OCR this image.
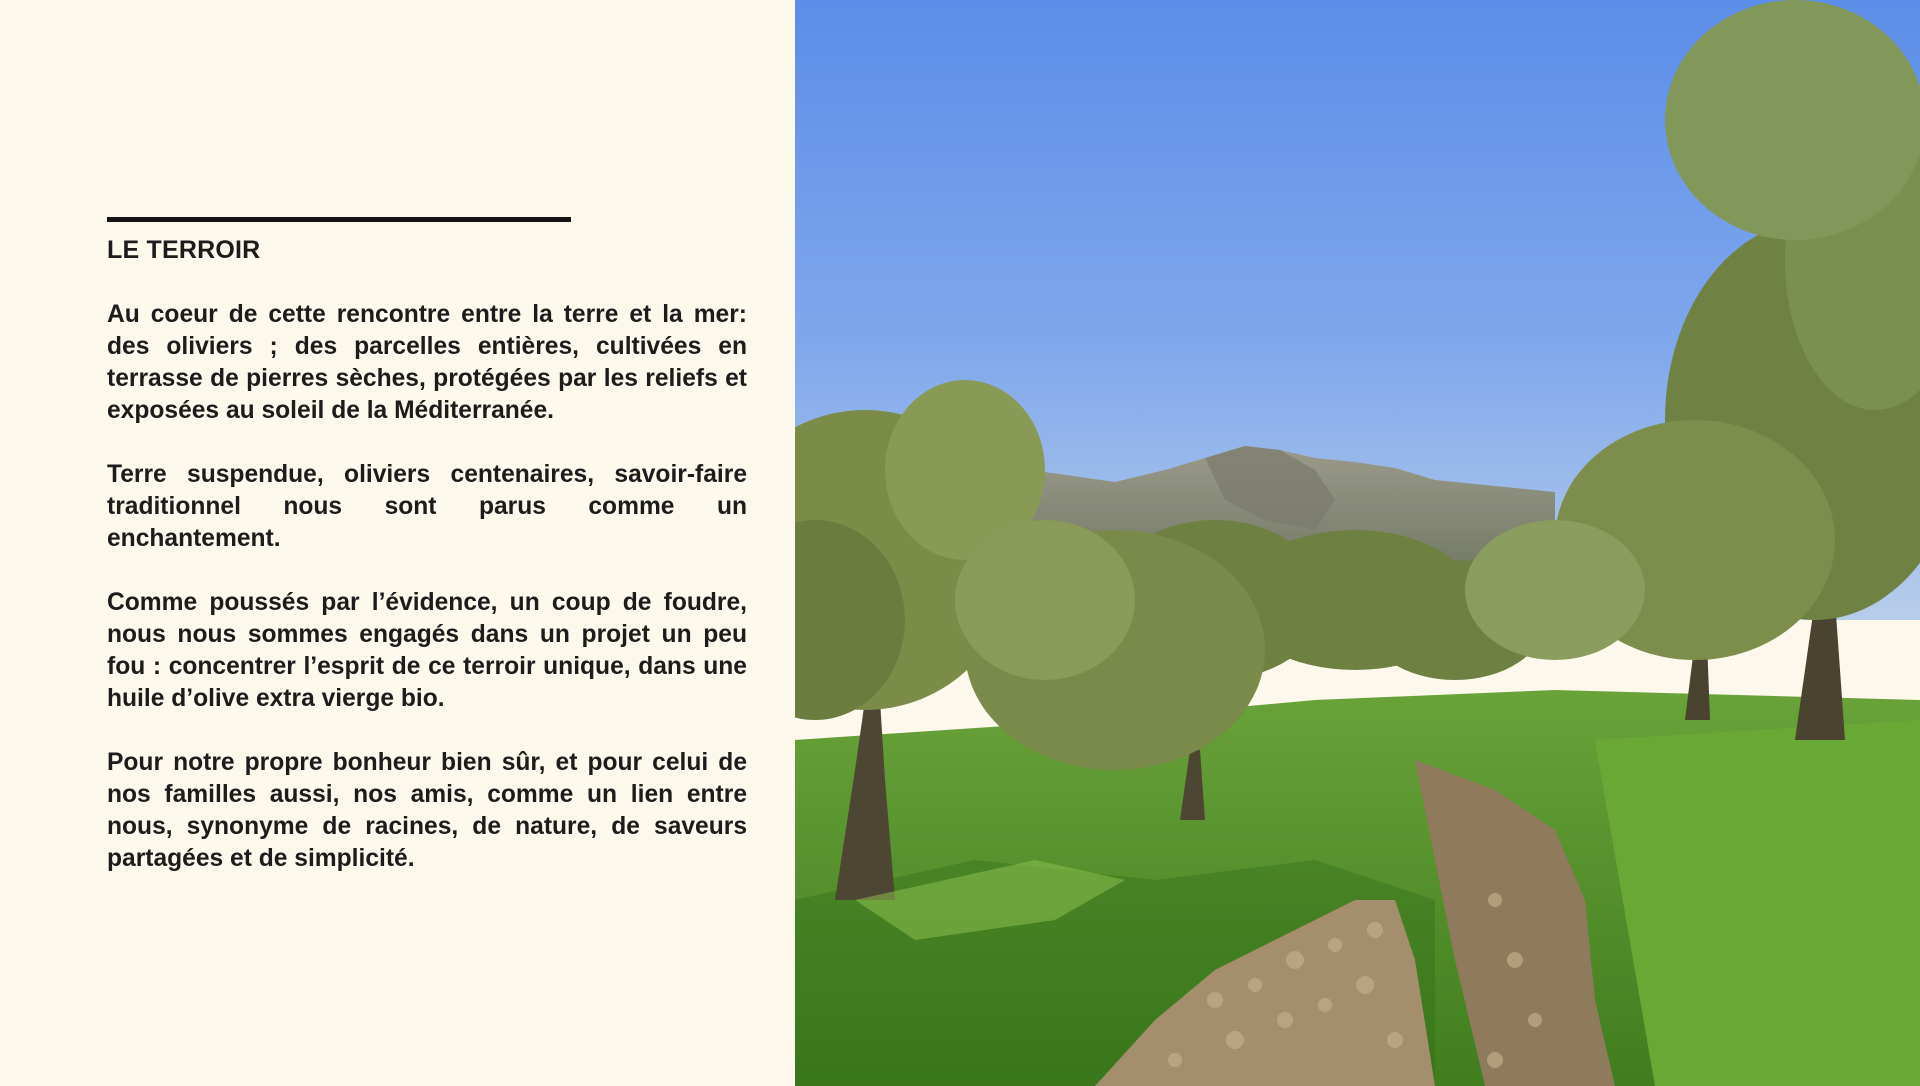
LE TERROIR

Au coeur de cette rencontre entre la terre et la mer: des oliviers ; des parcelles entières, cultivées en terrasse de pierres sèches, protégées par les reliefs et exposées au soleil de la Méditerranée.

Terre suspendue, oliviers centenaires, savoir-faire traditionnel nous sont parus comme un enchantement.

Comme poussés par l’évidence, un coup de foudre, nous nous sommes engagés dans un projet un peu fou : concentrer l’esprit de ce terroir unique, dans une huile d’olive extra vierge bio.

Pour notre propre bonheur bien sûr, et pour celui de nos familles aussi, nos amis, comme un lien entre nous, synonyme de racines, de nature, de saveurs partagées et de simplicité.
